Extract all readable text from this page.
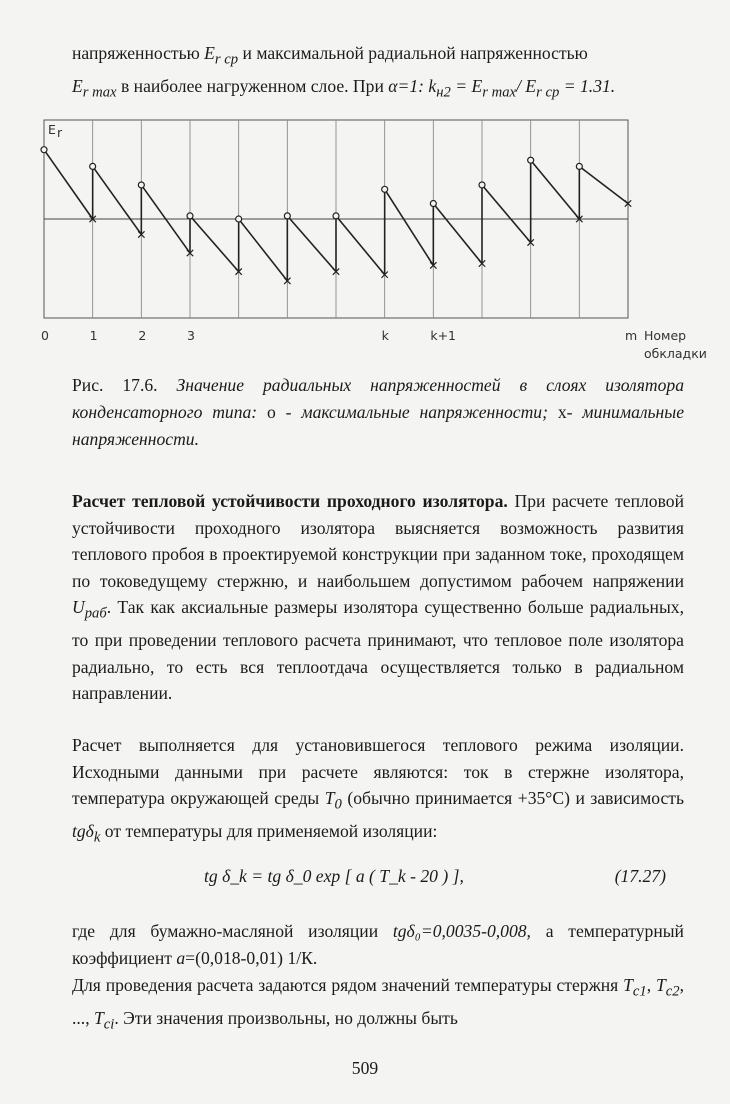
напряженностью $E_{r ср}$ и максимальной радиальной напряженностью
$E_{r max}$ в наиболее нагруженном слое. При α=1: $k_{н2} = E_{r max}/$ $E_{r ср} = 1.31$.

E r
0	1	2	3	k	k+1	m Номер
обкладки

Рис. 17.6. Значение радиальных напряженностей в слоях изолятора конденсаторного типа: o - максимальные напряженности; x- минимальные напряженности.

Расчет тепловой устойчивости проходного изолятора. При расчете тепловой устойчивости проходного изолятора выясняется возможность развития теплового пробоя в проектируемой конструкции при заданном токе, проходящем по токоведущему стержню, и наибольшем допустимом рабочем напряжении $U_{раб}$. Так как аксиальные размеры изолятора существенно больше радиальных, то при проведении теплового расчета принимают, что тепловое поле изолятора радиально, то есть вся теплоотдача осуществляется только в радиальном направлении.

Расчет выполняется для установившегося теплового режима изоляции. Исходными данными при расчете являются: ток в стержне изолятора, температура окружающей среды $T_0$ (обычно принимается +35°С) и зависимость tgδ$_k$ от температуры для применяемой изоляции:

tg δ_k = tg δ_0 exp [ a ( T_k - 20 ) ],	(17.27)

где для бумажно-масляной изоляции tgδ₀=0,0035-0,008, а температурный коэффициент a=(0,018-0,01) 1/К.

Для проведения расчета задаются рядом значений температуры стержня $T_{c1}$, $T_{c2}$, ..., $T_{ci}$. Эти значения произвольны, но должны быть

509
